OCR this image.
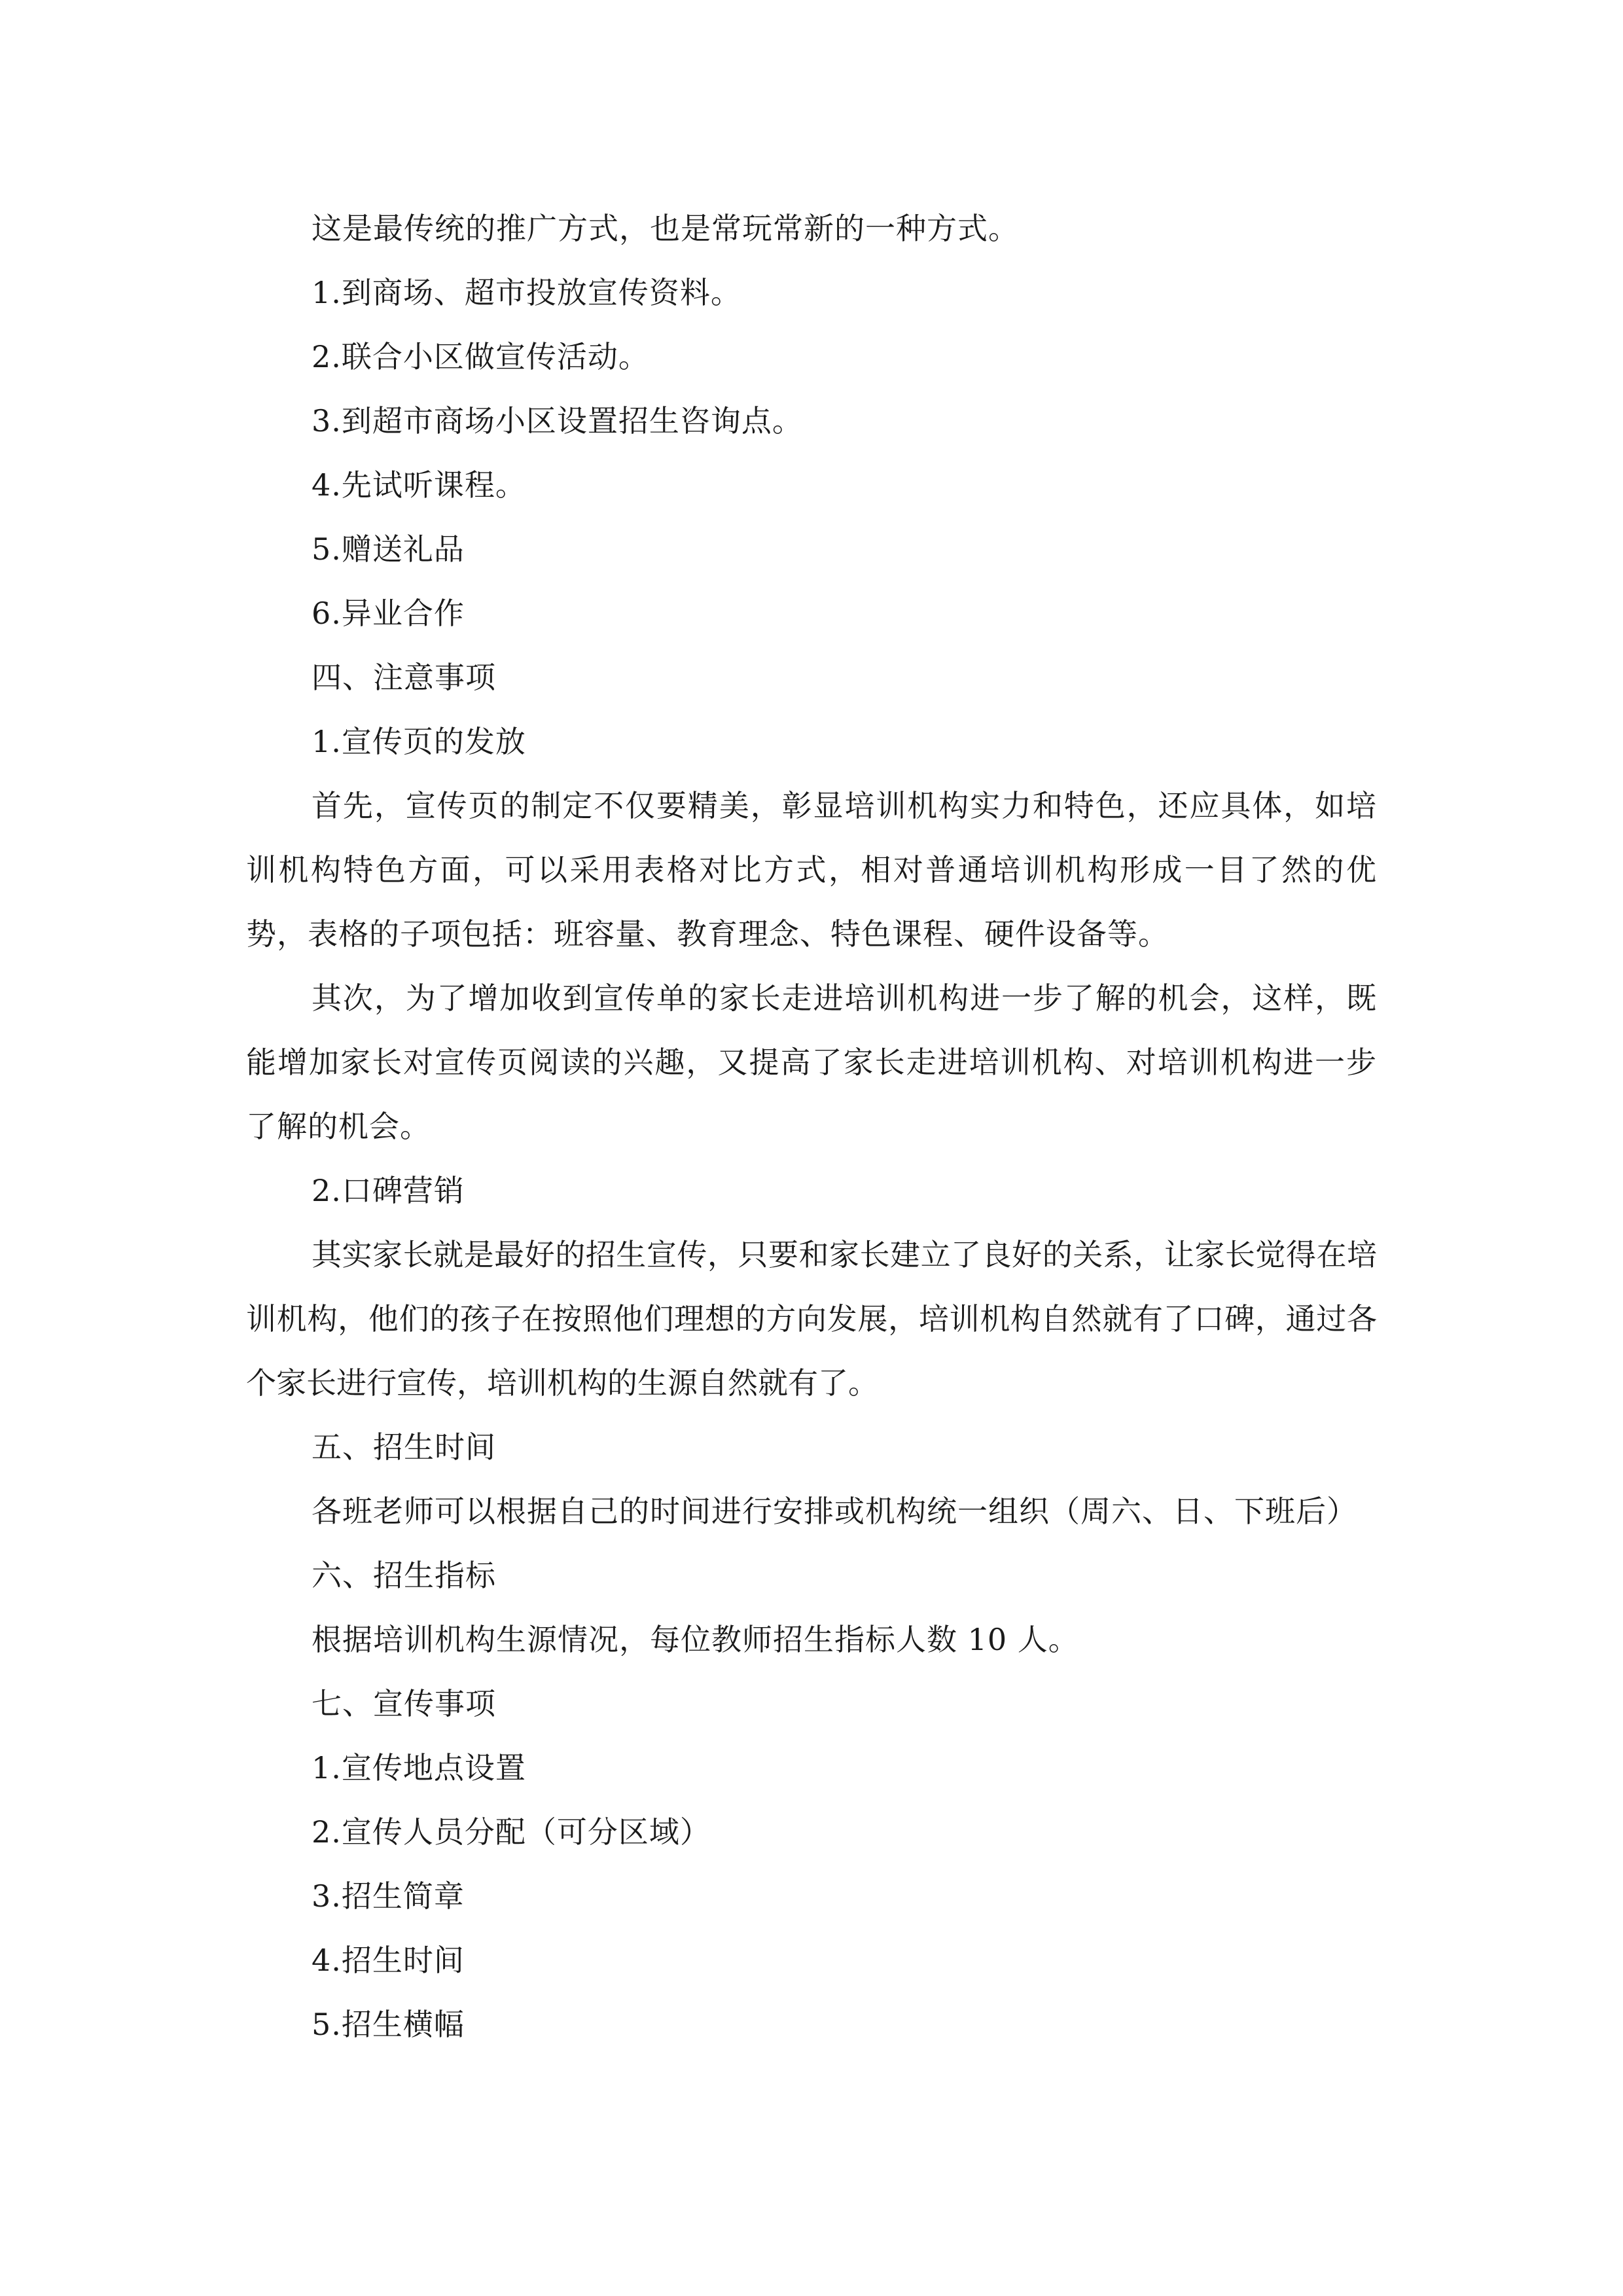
这是最传统的推广方式，也是常玩常新的一种方式。
1.到商场、超市投放宣传资料。
2.联合小区做宣传活动。
3.到超市商场小区设置招生咨询点。
4.先试听课程。
5.赠送礼品
6.异业合作
四、注意事项
1.宣传页的发放
首先，宣传页的制定不仅要精美，彰显培训机构实力和特色，还应具体，如培训机构特色方面，可以采用表格对比方式，相对普通培训机构形成一目了然的优势，表格的子项包括：班容量、教育理念、特色课程、硬件设备等。
其次，为了增加收到宣传单的家长走进培训机构进一步了解的机会，这样，既能增加家长对宣传页阅读的兴趣，又提高了家长走进培训机构、对培训机构进一步了解的机会。
2.口碑营销
其实家长就是最好的招生宣传，只要和家长建立了良好的关系，让家长觉得在培训机构，他们的孩子在按照他们理想的方向发展，培训机构自然就有了口碑，通过各个家长进行宣传，培训机构的生源自然就有了。
五、招生时间
各班老师可以根据自己的时间进行安排或机构统一组织（周六、日、下班后）
六、招生指标
根据培训机构生源情况，每位教师招生指标人数 10 人。
七、宣传事项
1.宣传地点设置
2.宣传人员分配（可分区域）
3.招生简章
4.招生时间
5.招生横幅
